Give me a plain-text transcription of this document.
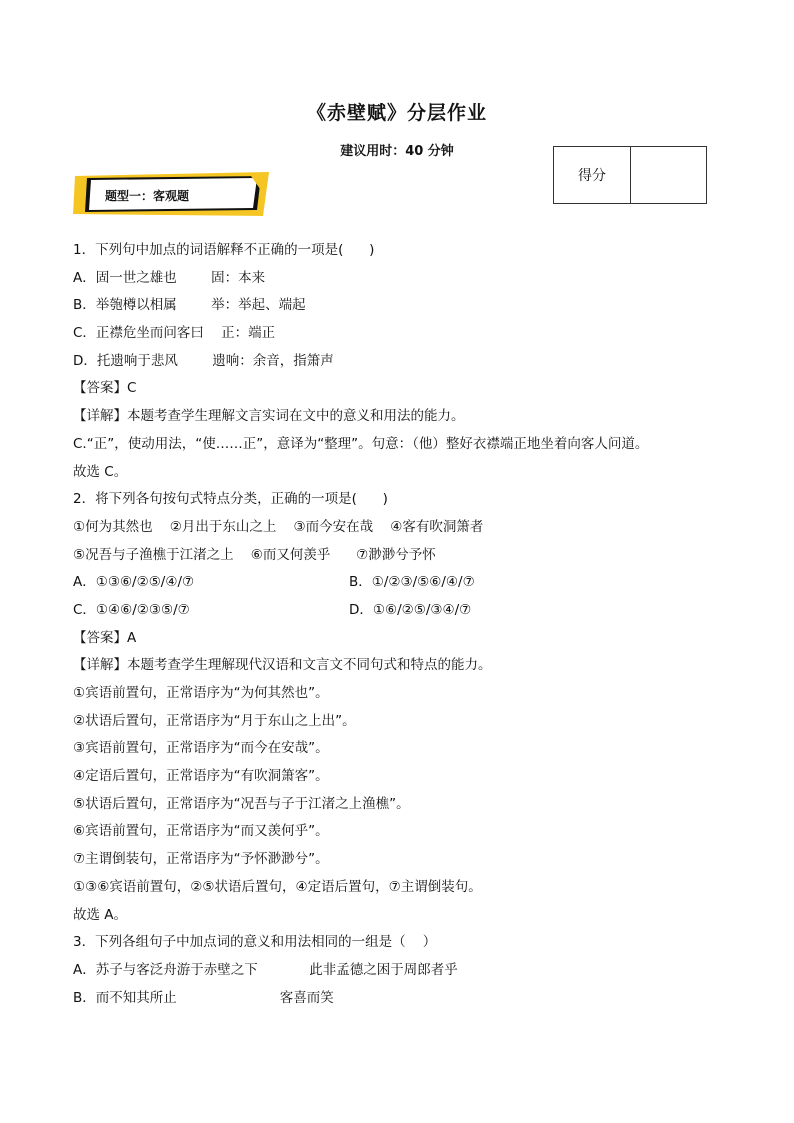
《赤壁赋》分层作业
建议用时：40 分钟
得分
题型一：客观题
1．下列句中加点的词语解释不正确的一项是(      )
A．固一世之雄也        固：本来
B．举匏樽以相属        举：举起、端起
C．正襟危坐而问客曰    正：端正
D．托遗响于悲风        遗响：余音，指箫声
【答案】C
【详解】本题考查学生理解文言实词在文中的意义和用法的能力。
C.“正”，使动用法，“使……正”，意译为“整理”。句意：（他）整好衣襟端正地坐着向客人问道。
故选 C。
2．将下列各句按句式特点分类，正确的一项是(      )
①何为其然也    ②月出于东山之上    ③而今安在哉    ④客有吹洞箫者
⑤况吾与子渔樵于江渚之上    ⑥而又何羡乎      ⑦渺渺兮予怀
A．①③⑥/②⑤/④/⑦	B．①/②③/⑤⑥/④/⑦
C．①④⑥/②③⑤/⑦	D．①⑥/②⑤/③④/⑦
【答案】A
【详解】本题考查学生理解现代汉语和文言文不同句式和特点的能力。
①宾语前置句，正常语序为“为何其然也”。
②状语后置句，正常语序为“月于东山之上出”。
③宾语前置句，正常语序为“而今在安哉”。
④定语后置句，正常语序为“有吹洞箫客”。
⑤状语后置句，正常语序为“况吾与子于江渚之上渔樵”。
⑥宾语前置句，正常语序为“而又羡何乎”。
⑦主谓倒装句，正常语序为“予怀渺渺兮”。
①③⑥宾语前置句，②⑤状语后置句，④定语后置句，⑦主谓倒装句。
故选 A。
3．下列各组句子中加点词的意义和用法相同的一组是（    ）
A．苏子与客泛舟游于赤壁之下            此非孟德之困于周郎者乎
B．而不知其所止                        客喜而笑
